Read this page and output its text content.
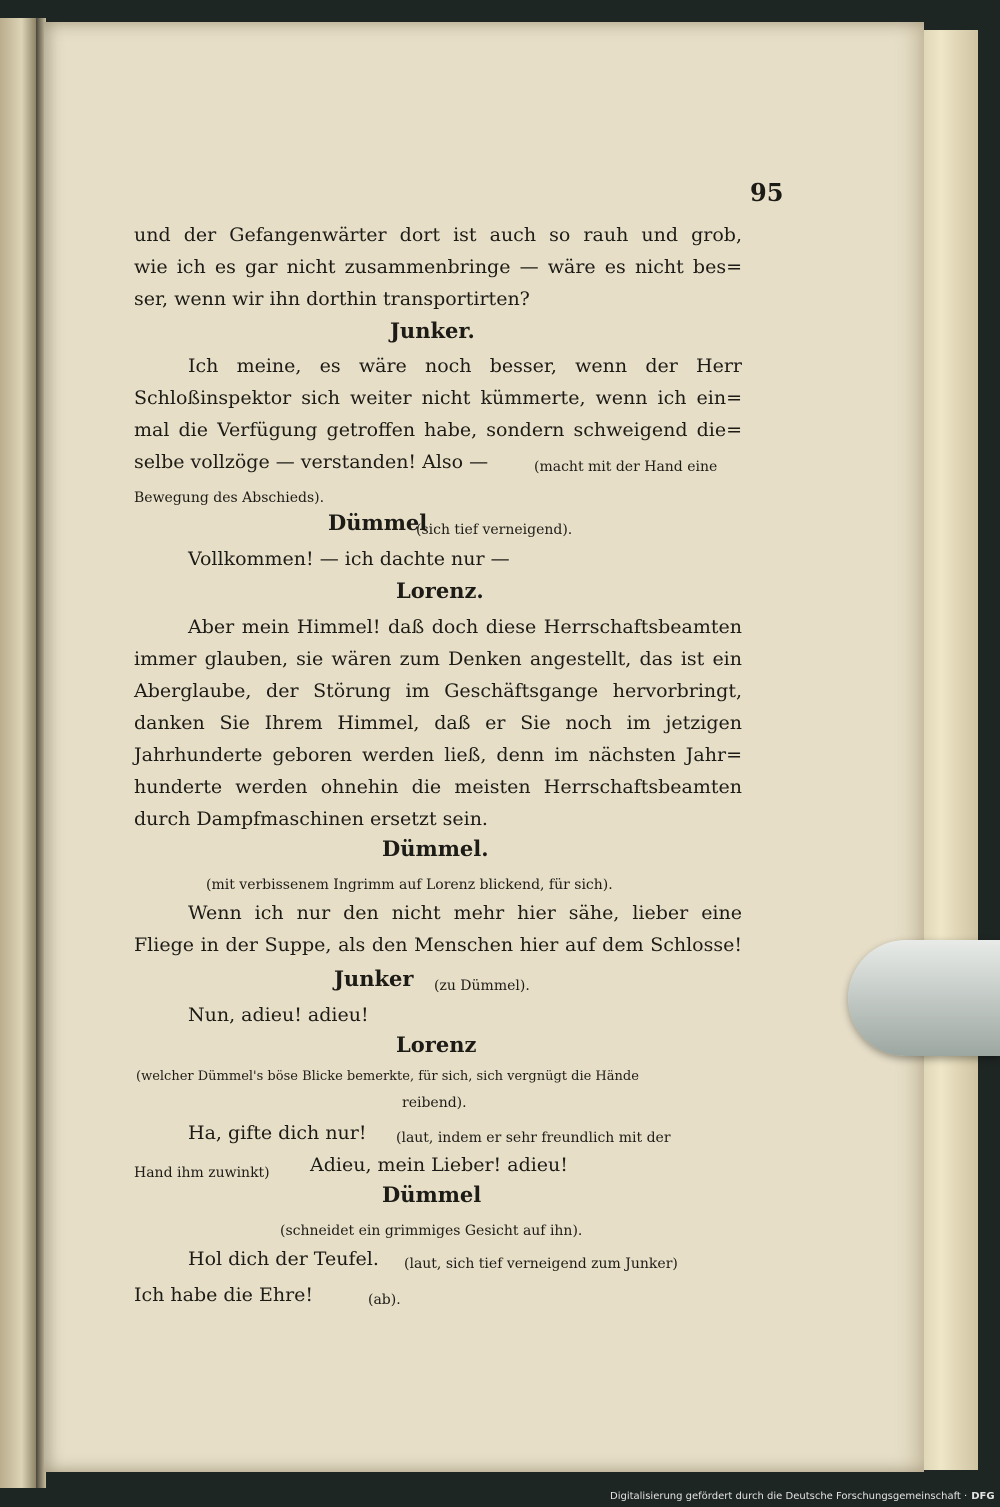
95
und der Gefangenwärter dort ist auch so rauh und grob,
wie ich es gar nicht zusammenbringe — wäre es nicht bes=
ser, wenn wir ihn dorthin transportirten?
Junker.
Ich meine, es wäre noch besser, wenn der Herr
Schloßinspektor sich weiter nicht kümmerte, wenn ich ein=
mal die Verfügung getroffen habe, sondern schweigend die=
selbe vollzöge — verstanden! Also —	(macht mit der Hand eine
Bewegung des Abschieds).
Dümmel
(sich tief verneigend).
Vollkommen! — ich dachte nur —
Lorenz.
Aber mein Himmel! daß doch diese Herrschaftsbeamten
immer glauben, sie wären zum Denken angestellt, das ist ein
Aberglaube, der Störung im Geschäftsgange hervorbringt,
danken Sie Ihrem Himmel, daß er Sie noch im jetzigen
Jahrhunderte geboren werden ließ, denn im nächsten Jahr=
hunderte werden ohnehin die meisten Herrschaftsbeamten
durch Dampfmaschinen ersetzt sein.
Dümmel.
(mit verbissenem Ingrimm auf Lorenz blickend, für sich).
Wenn ich nur den nicht mehr hier sähe, lieber eine
Fliege in der Suppe, als den Menschen hier auf dem Schlosse!
Junker (zu Dümmel).
Nun, adieu! adieu!
Lorenz
(welcher Dümmel's böse Blicke bemerkte, für sich, sich vergnügt die Hände
reibend).
Ha, gifte dich nur! (laut, indem er sehr freundlich mit der
Hand ihm zuwinkt) Adieu, mein Lieber! adieu!
Dümmel
(schneidet ein grimmiges Gesicht auf ihn).
Hol dich der Teufel. (laut, sich tief verneigend zum Junker)
Ich habe die Ehre!	(ab).
Digitalisierung gefördert durch die Deutsche Forschungsgemeinschaft · DFG
